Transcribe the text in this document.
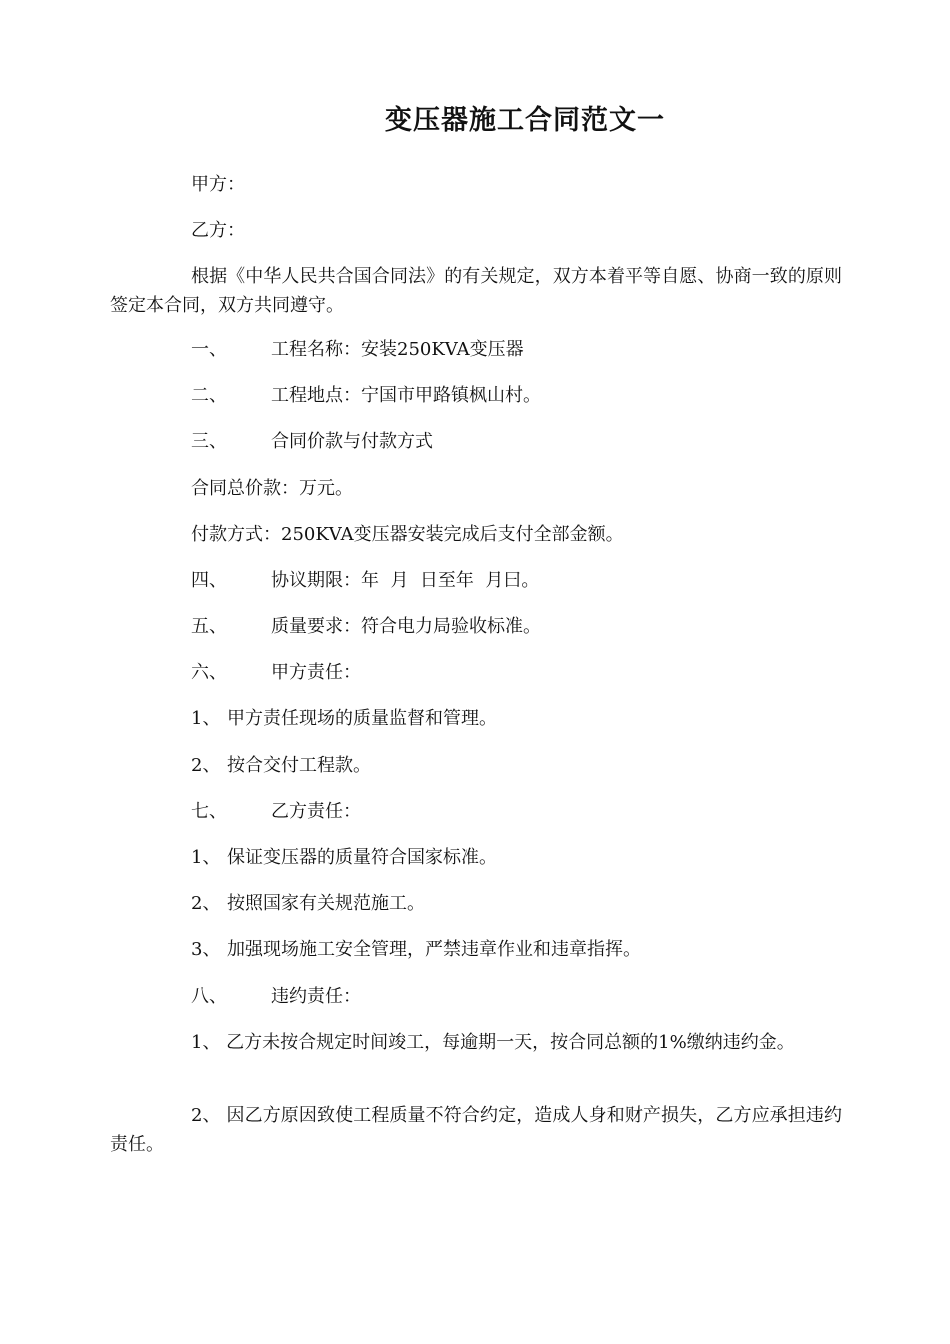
变压器施工合同范文一
甲方：
乙方：
根据《中华人民共合国合同法》的有关规定，双方本着平等自愿、协商一致的原则签定本合同，双方共同遵守。
一、 工程名称：安装250KVA变压器
二、 工程地点：宁国市甲路镇枫山村。
三、 合同价款与付款方式
合同总价款：万元。
付款方式：250KVA变压器安装完成后支付全部金额。
四、 协议期限：年  月  日至年  月曰。
五、 质量要求：符合电力局验收标准。
六、 甲方责任：
1、 甲方责任现场的质量监督和管理。
2、 按合交付工程款。
七、 乙方责任：
1、 保证变压器的质量符合国家标准。
2、 按照国家有关规范施工。
3、 加强现场施工安全管理，严禁违章作业和违章指挥。
八、 违约责任：
1、 乙方未按合规定时间竣工，每逾期一天，按合同总额的1%缴纳违约金。
2、 因乙方原因致使工程质量不符合约定，造成人身和财产损失，乙方应承担违约责任。
